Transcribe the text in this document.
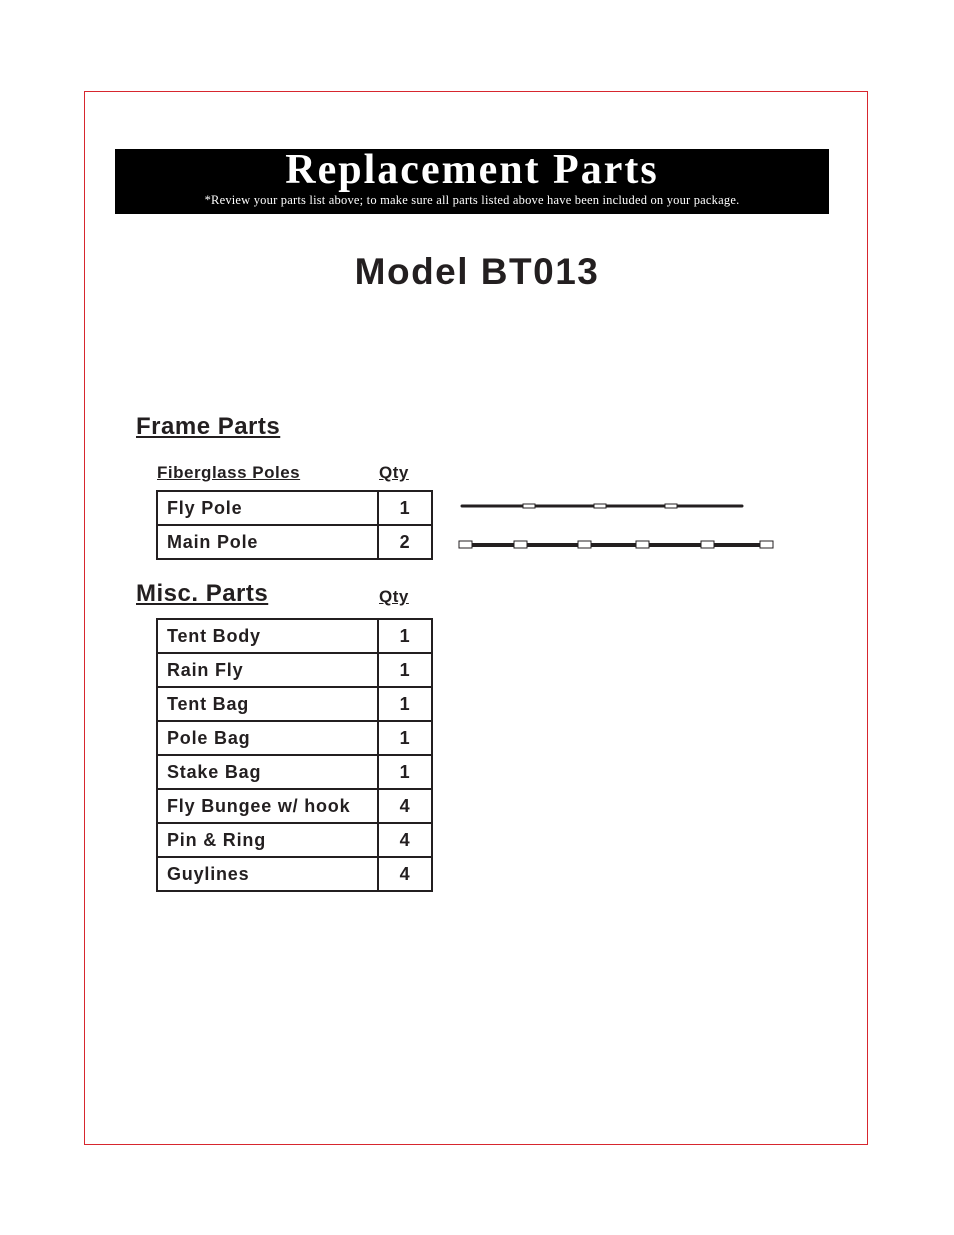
Replacement Parts
*Review your parts list above; to make sure all parts listed above have been included on your package.
Model BT013
Frame Parts
Fiberglass Poles	Qty
Fly Pole	1
Main Pole	2
Misc. Parts	Qty
Tent Body	1
Rain Fly	1
Tent Bag	1
Pole Bag	1
Stake Bag	1
Fly Bungee w/ hook	4
Pin & Ring	4
Guylines	4
